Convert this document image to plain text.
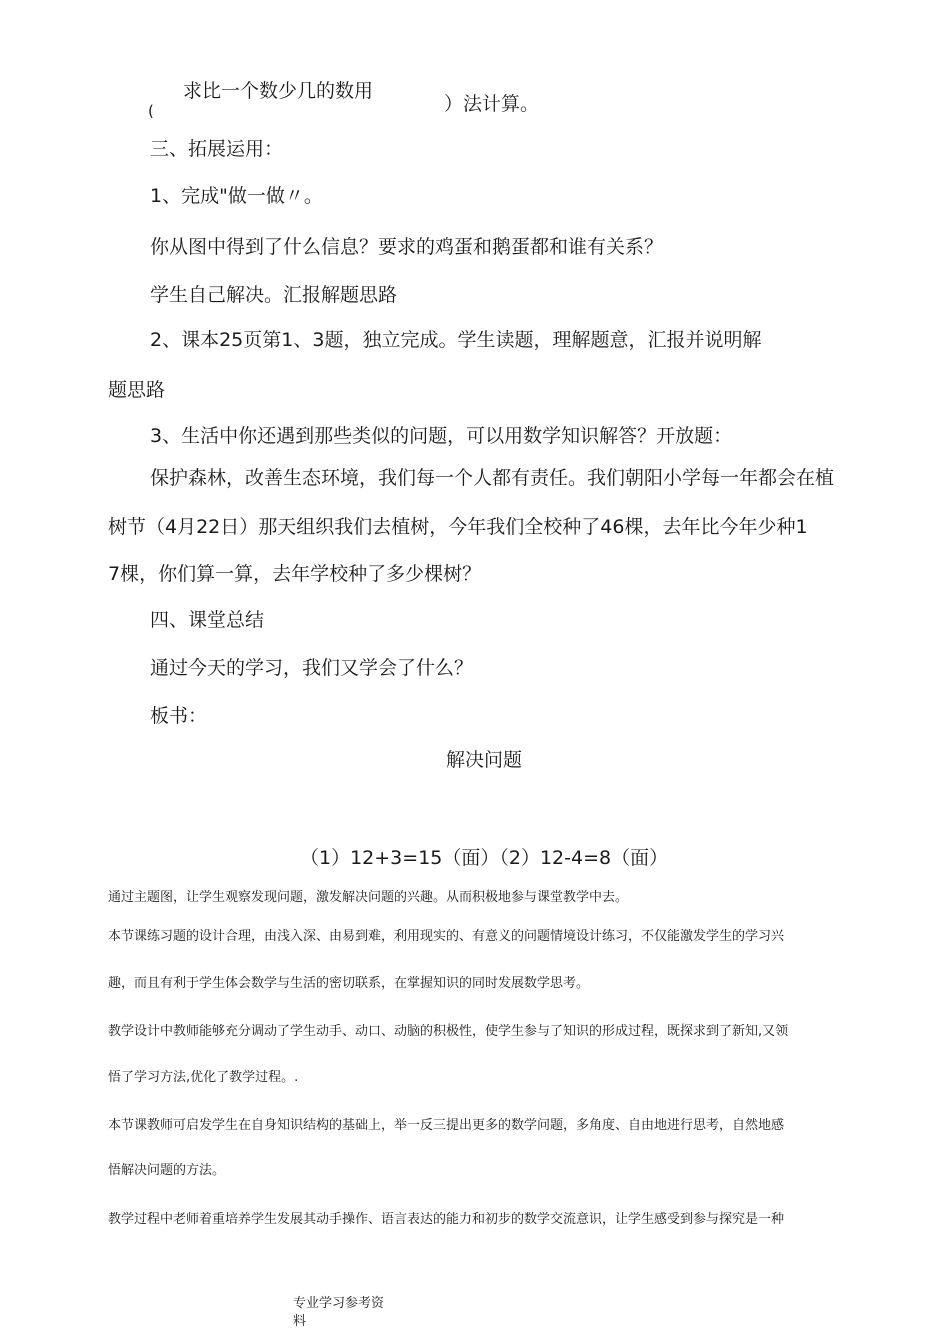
求比一个数少几的数用
(	）法计算。
三、拓展运用：
1、完成"做一做〃。
你从图中得到了什么信息？要求的鸡蛋和鹅蛋都和谁有关系？
学生自己解决。汇报解题思路
2、课本25页第1、3题，独立完成。学生读题，理解题意，汇报并说明解
题思路
3、生活中你还遇到那些类似的问题，可以用数学知识解答？开放题：
保护森林，改善生态环境，我们每一个人都有责任。我们朝阳小学每一年都会在植
树节（4月22日）那天组织我们去植树，今年我们全校种了46棵，去年比今年少种1
7棵，你们算一算，去年学校种了多少棵树？
四、课堂总结
通过今天的学习，我们又学会了什么？
板书：
解决问题
（1）12+3=15（面）（2）12-4=8（面）
通过主题图，让学生观察发现问题，激发解决问题的兴趣。从而积极地参与课堂教学中去。
本节课练习题的设计合理，由浅入深、由易到难，利用现实的、有意义的问题情境设计练习，不仅能激发学生的学习兴
趣，而且有利于学生体会数学与生活的密切联系，在掌握知识的同时发展数学思考。
教学设计中教师能够充分调动了学生动手、动口、动脑的积极性，使学生参与了知识的形成过程，既探求到了新知,又领
悟了学习方法,优化了教学过程。.
本节课教师可启发学生在自身知识结构的基础上，举一反三提出更多的数学问题，多角度、自由地进行思考，自然地感
悟解决问题的方法。
教学过程中老师着重培养学生发展其动手操作、语言表达的能力和初步的数学交流意识，让学生感受到参与探究是一种
专业学习参考资
料
